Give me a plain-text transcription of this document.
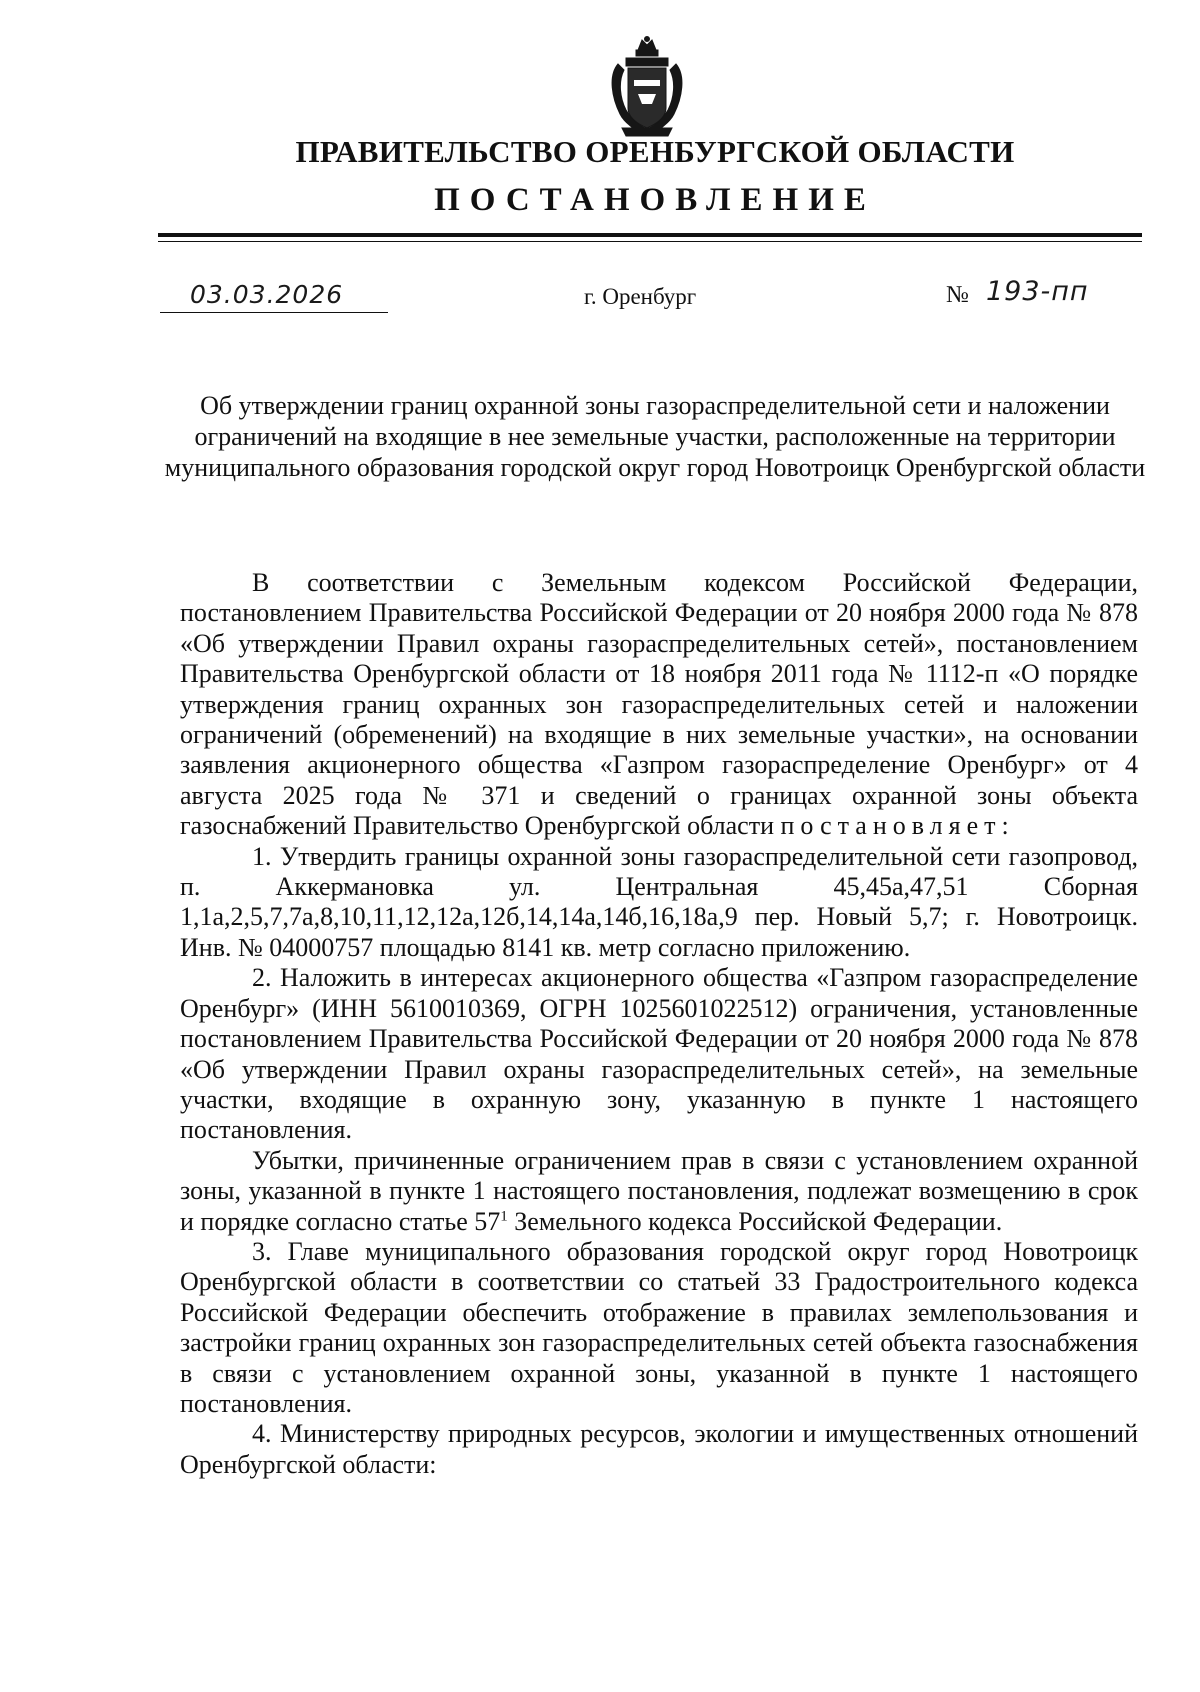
ПРАВИТЕЛЬСТВО ОРЕНБУРГСКОЙ ОБЛАСТИ
ПОСТАНОВЛЕНИЕ
03.03.2026	г. Оренбург	№ 193-пп
Об утверждении границ охранной зоны газораспределительной сети и наложении ограничений на входящие в нее земельные участки, расположенные на территории муниципального образования городской округ город Новотроицк Оренбургской области

В соответствии с Земельным кодексом Российской Федерации, постановлением Правительства Российской Федерации от 20 ноября 2000 года № 878 «Об утверждении Правил охраны газораспределительных сетей», постановлением Правительства Оренбургской области от 18 ноября 2011 года № 1112-п «О порядке утверждения границ охранных зон газораспределительных сетей и наложении ограничений (обременений) на входящие в них земельные участки», на основании заявления акционерного общества «Газпром газораспределение Оренбург» от 4 августа 2025 года № 371 и сведений о границах охранной зоны объекта газоснабжений Правительство Оренбургской области постановляет:

1. Утвердить границы охранной зоны газораспределительной сети газопровод, п. Аккермановка ул. Центральная 45,45а,47,51 Сборная 1,1а,2,5,7,7а,8,10,11,12,12а,12б,14,14а,14б,16,18а,9 пер. Новый 5,7; г. Новотроицк. Инв. № 04000757 площадью 8141 кв. метр согласно приложению.

2. Наложить в интересах акционерного общества «Газпром газораспределение Оренбург» (ИНН 5610010369, ОГРН 1025601022512) ограничения, установленные постановлением Правительства Российской Федерации от 20 ноября 2000 года № 878 «Об утверждении Правил охраны газораспределительных сетей», на земельные участки, входящие в охранную зону, указанную в пункте 1 настоящего постановления.

Убытки, причиненные ограничением прав в связи с установлением охранной зоны, указанной в пункте 1 настоящего постановления, подлежат возмещению в срок и порядке согласно статье $57^1$ Земельного кодекса Российской Федерации.

3. Главе муниципального образования городской округ город Новотроицк Оренбургской области в соответствии со статьей 33 Градостроительного кодекса Российской Федерации обеспечить отображение в правилах землепользования и застройки границ охранных зон газораспределительных сетей объекта газоснабжения в связи с установлением охранной зоны, указанной в пункте 1 настоящего постановления.

4. Министерству природных ресурсов, экологии и имущественных отношений Оренбургской области:
